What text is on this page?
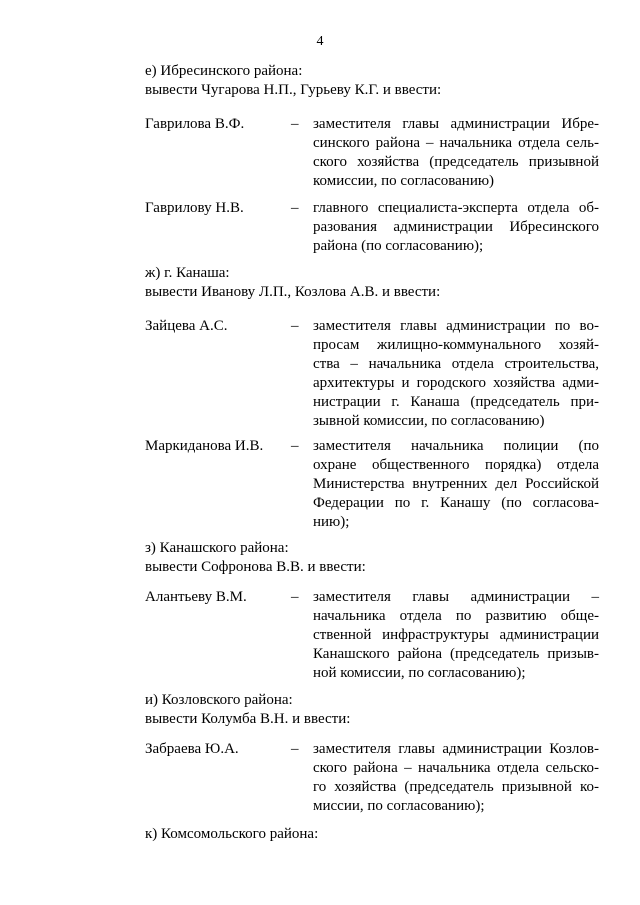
4
е) Ибресинского района:
вывести Чугарова Н.П., Гурьеву К.Г. и ввести:
Гаврилова В.Ф.	– заместителя главы администрации Ибре-
синского района – начальника отдела сель-
ского хозяйства (председатель призывной
комиссии, по согласованию)
Гаврилову Н.В.	– главного специалиста-эксперта отдела об-
разования администрации Ибресинского
района (по согласованию);
ж) г. Канаша:
вывести Иванову Л.П., Козлова А.В. и ввести:
Зайцева А.С.	– заместителя главы администрации по во-
просам жилищно-коммунального хозяй-
ства – начальника отдела строительства,
архитектуры и городского хозяйства адми-
нистрации г. Канаша (председатель при-
зывной комиссии, по согласованию)
Маркиданова И.В. – заместителя начальника полиции (по
охране общественного порядка) отдела
Министерства внутренних дел Российской
Федерации по г. Канашу (по согласова-
нию);
з) Канашского района:
вывести Софронова В.В. и ввести:
Алантьеву В.М.	– заместителя главы администрации –
начальника отдела по развитию обще-
ственной инфраструктуры администрации
Канашского района (председатель призыв-
ной комиссии, по согласованию);
и) Козловского района:
вывести Колумба В.Н. и ввести:
Забраева Ю.А.	– заместителя главы администрации Козлов-
ского района – начальника отдела сельско-
го хозяйства (председатель призывной ко-
миссии, по согласованию);
к) Комсомольского района:
